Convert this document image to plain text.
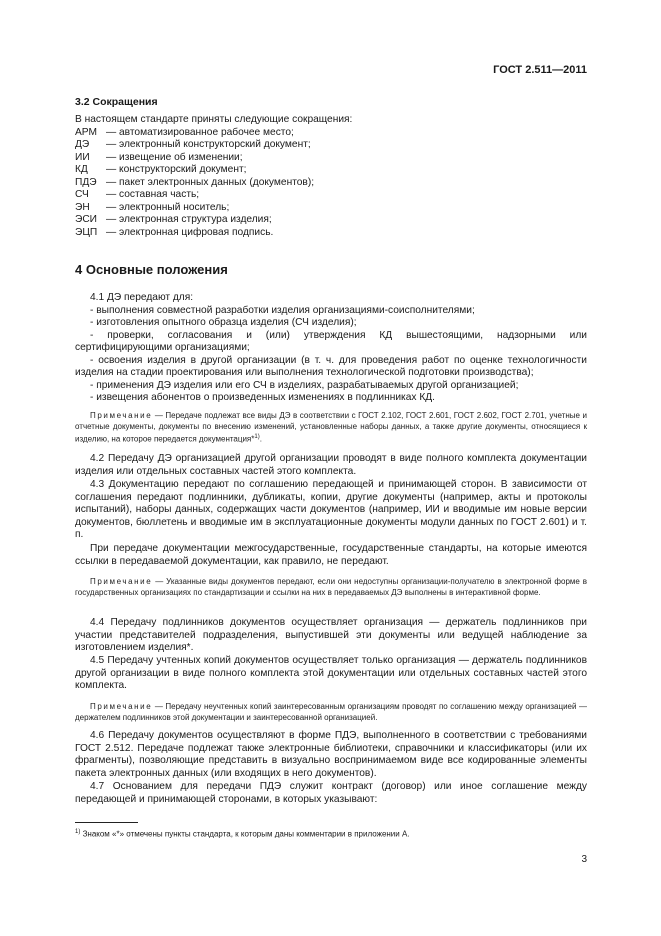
ГОСТ 2.511—2011
3.2 Сокращения
В настоящем стандарте приняты следующие сокращения:
АРМ — автоматизированное рабочее место;
ДЭ	— электронный конструкторский документ;
ИИ	— извещение об изменении;
КД	— конструкторский документ;
ПДЭ — пакет электронных данных (документов);
СЧ	— составная часть;
ЭН	— электронный носитель;
ЭСИ — электронная структура изделия;
ЭЦП — электронная цифровая подпись.
4 Основные положения
4.1 ДЭ передают для:
- выполнения совместной разработки изделия организациями-соисполнителями;
- изготовления опытного образца изделия (СЧ изделия);
- проверки, согласования и (или) утверждения КД вышестоящими, надзорными или сертифицирующими организациями;
- освоения изделия в другой организации (в т. ч. для проведения работ по оценке технологичности изделия на стадии проектирования или выполнения технологической подготовки производства);
- применения ДЭ изделия или его СЧ в изделиях, разрабатываемых другой организацией;
- извещения абонентов о произведенных изменениях в подлинниках КД.
Примечание — Передаче подлежат все виды ДЭ в соответствии с ГОСТ 2.102, ГОСТ 2.601, ГОСТ 2.602, ГОСТ 2.701, учетные и отчетные документы, документы по внесению изменений, установленные наборы данных, а также другие документы, относящиеся к изделию, на которое передается документация*$^{1)}$.
4.2 Передачу ДЭ организацией другой организации проводят в виде полного комплекта документации изделия или отдельных составных частей этого комплекта.
4.3 Документацию передают по соглашению передающей и принимающей сторон. В зависимости от соглашения передают подлинники, дубликаты, копии, другие документы (например, акты и протоколы испытаний), наборы данных, содержащих части документов (например, ИИ и вводимые им новые версии документов, бюллетень и вводимые им в эксплуатационные документы модули данных по ГОСТ 2.601) и т. п.
При передаче документации межгосударственные, государственные стандарты, на которые имеются ссылки в передаваемой документации, как правило, не передают.
Примечание — Указанные виды документов передают, если они недоступны организации-получателю в электронной форме в государственных организациях по стандартизации и ссылки на них в передаваемых ДЭ выполнены в интерактивной форме.
4.4 Передачу подлинников документов осуществляет организация — держатель подлинников при участии представителей подразделения, выпустившей эти документы или ведущей наблюдение за изготовлением изделия*.
4.5 Передачу учтенных копий документов осуществляет только организация — держатель подлинников другой организации в виде полного комплекта этой документации или отдельных составных частей этого комплекта.
Примечание — Передачу неучтенных копий заинтересованным организациям проводят по соглашению между организацией — держателем подлинников этой документации и заинтересованной организацией.
4.6 Передачу документов осуществляют в форме ПДЭ, выполненного в соответствии с требованиями ГОСТ 2.512. Передаче подлежат также электронные библиотеки, справочники и классификаторы (или их фрагменты), позволяющие представить в визуально воспринимаемом виде все кодированные элементы пакета электронных данных (или входящих в него документов).
4.7 Основанием для передачи ПДЭ служит контракт (договор) или иное соглашение между передающей и принимающей сторонами, в которых указывают:
$^{1)}$ Знаком «*» отмечены пункты стандарта, к которым даны комментарии в приложении А.
3
